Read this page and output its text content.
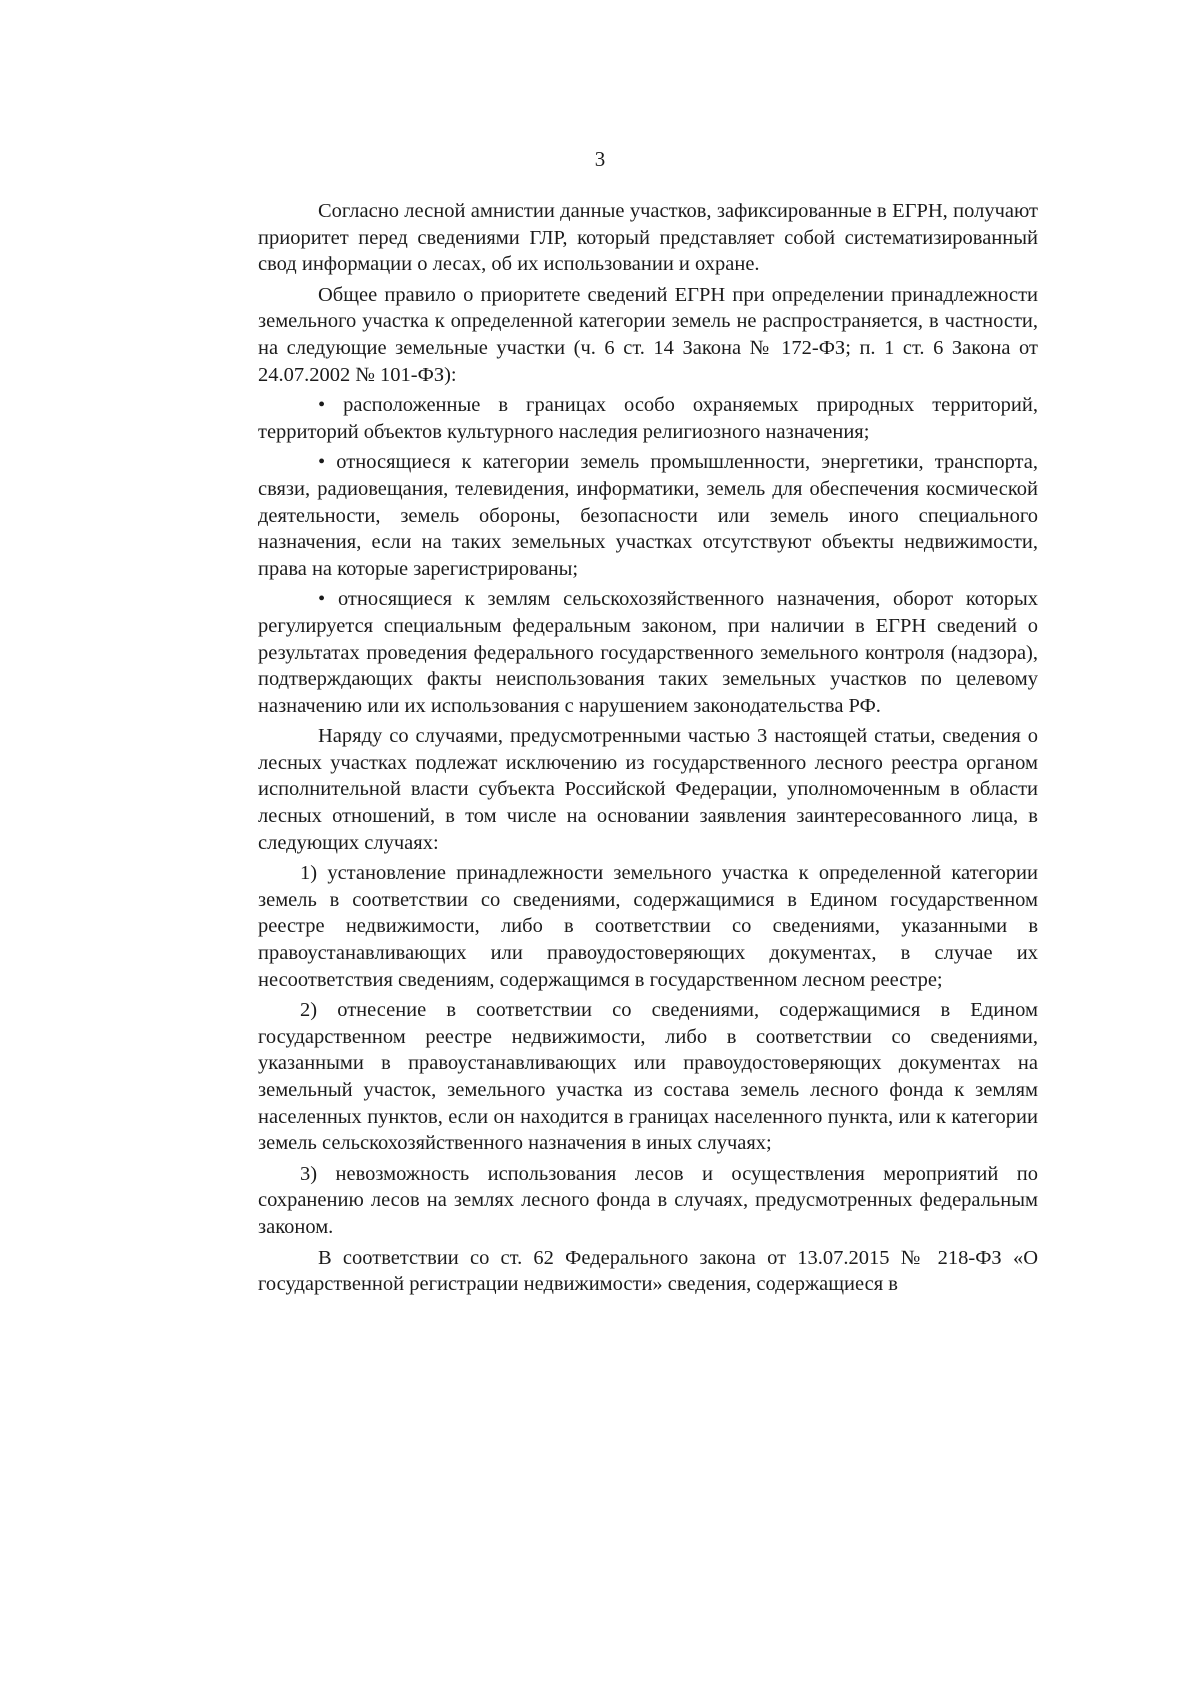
3

Согласно лесной амнистии данные участков, зафиксированные в ЕГРН, получают приоритет перед сведениями ГЛР, который представляет собой систематизированный свод информации о лесах, об их использовании и охране.

Общее правило о приоритете сведений ЕГРН при определении принадлежности земельного участка к определенной категории земель не распространяется, в частности, на следующие земельные участки (ч. 6 ст. 14 Закона № 172-ФЗ; п. 1 ст. 6 Закона от 24.07.2002 № 101-ФЗ):

• расположенные в границах особо охраняемых природных территорий, территорий объектов культурного наследия религиозного назначения;

• относящиеся к категории земель промышленности, энергетики, транспорта, связи, радиовещания, телевидения, информатики, земель для обеспечения космической деятельности, земель обороны, безопасности или земель иного специального назначения, если на таких земельных участках отсутствуют объекты недвижимости, права на которые зарегистрированы;

• относящиеся к землям сельскохозяйственного назначения, оборот которых регулируется специальным федеральным законом, при наличии в ЕГРН сведений о результатах проведения федерального государственного земельного контроля (надзора), подтверждающих факты неиспользования таких земельных участков по целевому назначению или их использования с нарушением законодательства РФ.

Наряду со случаями, предусмотренными частью 3 настоящей статьи, сведения о лесных участках подлежат исключению из государственного лесного реестра органом исполнительной власти субъекта Российской Федерации, уполномоченным в области лесных отношений, в том числе на основании заявления заинтересованного лица, в следующих случаях:

1) установление принадлежности земельного участка к определенной категории земель в соответствии со сведениями, содержащимися в Едином государственном реестре недвижимости, либо в соответствии со сведениями, указанными в правоустанавливающих или правоудостоверяющих документах, в случае их несоответствия сведениям, содержащимся в государственном лесном реестре;

2) отнесение в соответствии со сведениями, содержащимися в Едином государственном реестре недвижимости, либо в соответствии со сведениями, указанными в правоустанавливающих или правоудостоверяющих документах на земельный участок, земельного участка из состава земель лесного фонда к землям населенных пунктов, если он находится в границах населенного пункта, или к категории земель сельскохозяйственного назначения в иных случаях;

3) невозможность использования лесов и осуществления мероприятий по сохранению лесов на землях лесного фонда в случаях, предусмотренных федеральным законом.

В соответствии со ст. 62 Федерального закона от 13.07.2015 № 218-ФЗ «О государственной регистрации недвижимости» сведения, содержащиеся в
